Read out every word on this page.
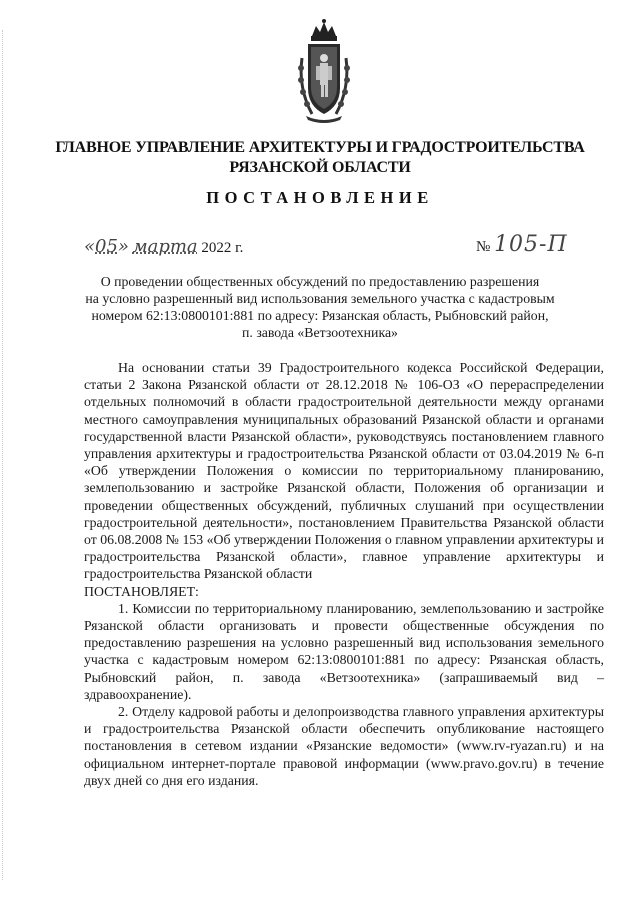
ГЛАВНОЕ УПРАВЛЕНИЕ АРХИТЕКТУРЫ И ГРАДОСТРОИТЕЛЬСТВА
РЯЗАНСКОЙ ОБЛАСТИ
ПОСТАНОВЛЕНИЕ
«05» марта 2022 г.	№ 105-П
О проведении общественных обсуждений по предоставлению разрешения
на условно разрешенный вид использования земельного участка с кадастровым
номером 62:13:0800101:881 по адресу: Рязанская область, Рыбновский район,
п. завода «Ветзоотехника»

На основании статьи 39 Градостроительного кодекса Российской Федерации, статьи 2 Закона Рязанской области от 28.12.2018 № 106-ОЗ «О перераспределении отдельных полномочий в области градостроительной деятельности между органами местного самоуправления муниципальных образований Рязанской области и органами государственной власти Рязанской области», руководствуясь постановлением главного управления архитектуры и градостроительства Рязанской области от 03.04.2019 № 6-п «Об утверждении Положения о комиссии по территориальному планированию, землепользованию и застройке Рязанской области, Положения об организации и проведении общественных обсуждений, публичных слушаний при осуществлении градостроительной деятельности», постановлением Правительства Рязанской области от 06.08.2008 № 153 «Об утверждении Положения о главном управлении архитектуры и градостроительства Рязанской области», главное управление архитектуры и градостроительства Рязанской области

ПОСТАНОВЛЯЕТ:

1. Комиссии по территориальному планированию, землепользованию и застройке Рязанской области организовать и провести общественные обсуждения по предоставлению разрешения на условно разрешенный вид использования земельного участка с кадастровым номером 62:13:0800101:881 по адресу: Рязанская область, Рыбновский район, п. завода «Ветзоотехника» (запрашиваемый вид – здравоохранение).

2. Отделу кадровой работы и делопроизводства главного управления архитектуры и градостроительства Рязанской области обеспечить опубликование настоящего постановления в сетевом издании «Рязанские ведомости» (www.rv-ryazan.ru) и на официальном интернет-портале правовой информации (www.pravo.gov.ru) в течение двух дней со дня его издания.
